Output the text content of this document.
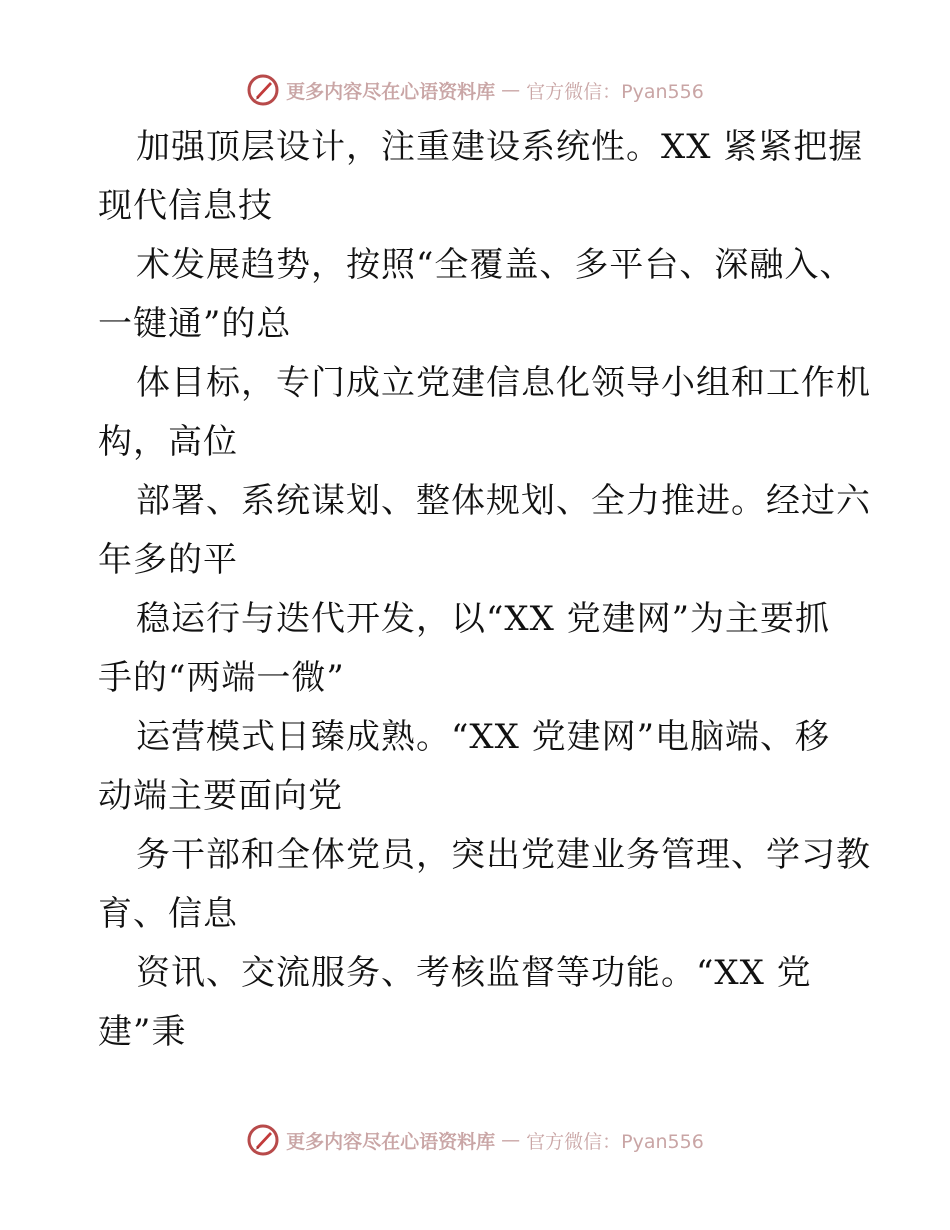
更多内容尽在心语资料库 — 官方微信：Pyan556

加强顶层设计，注重建设系统性。XX 紧紧把握

现代信息技

术发展趋势，按照“全覆盖、多平台、深融入、

一键通”的总

体目标，专门成立党建信息化领导小组和工作机

构，高位

部署、系统谋划、整体规划、全力推进。经过六

年多的平

稳运行与迭代开发，以“XX 党建网”为主要抓

手的“两端一微”

运营模式日臻成熟。“XX 党建网”电脑端、移

动端主要面向党

务干部和全体党员，突出党建业务管理、学习教

育、信息

资讯、交流服务、考核监督等功能。“XX 党

建”秉

更多内容尽在心语资料库 — 官方微信：Pyan556
